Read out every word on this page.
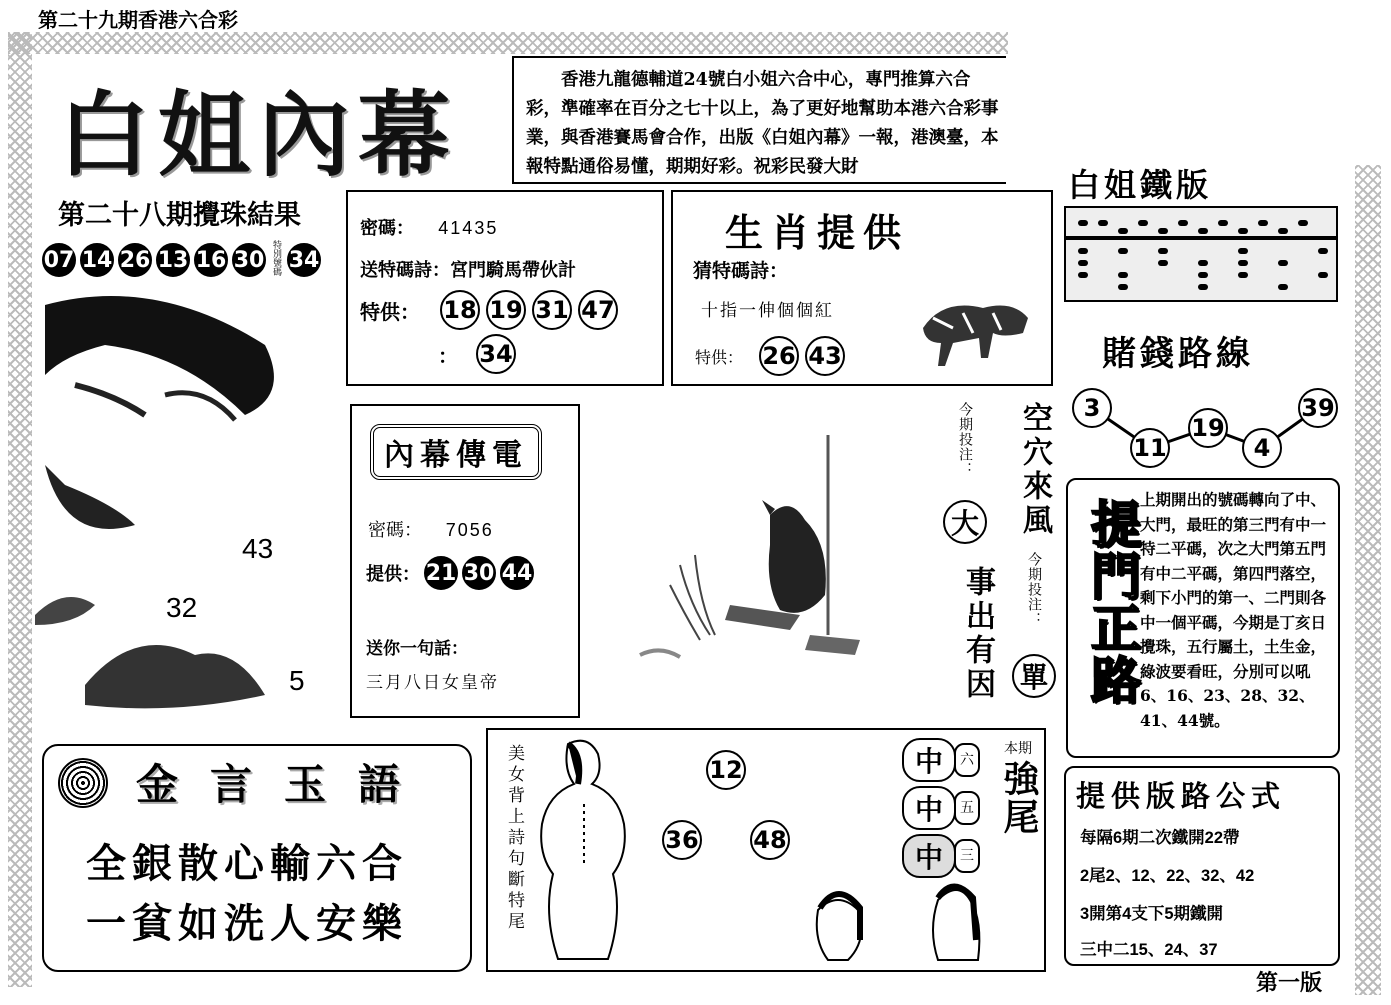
第二十九期香港六合彩
白姐內幕
香港九龍德輔道24號白小姐六合中心，專門推算六合彩，準確率在百分之七十以上，為了更好地幫助本港六合彩事業，與香港賽馬會合作，出版《白姐內幕》一報，港澳臺，本報特點通俗易懂，期期好彩。祝彩民發大財
第二十八期攪珠結果
07 14 26 13 16 30 特別號碼 34
43
32
5
密碼： 41435
送特碼詩：宮門騎馬帶伙計
特供： 18 19 31 47
： 34
生肖提供
猜特碼詩：
十指一伸個個紅
特供： 26 43
白姐鐵版
賭錢路線
3
11
19
4
39
內幕傳電
密碼： 7056
提供： 21 30 44
送你一句話：
三月八日女皇帝
今期投注：
大 空穴來風
事出有因 今期投注：
單 提門正路
上期開出的號碼轉向了中、大門，最旺的第三門有中一特二平碼，次之大門第五門有中二平碼，第四門落空，剩下小門的第一、二門則各中一個平碼，今期是丁亥日攪珠，五行屬土，土生金，綠波要看旺，分別可以吼6、16、23、28、32、41、44號。
金言玉語
全銀散心輸六合
一貧如洗人安樂	美女背上詩句斷特尾	12
36 48
中	六
中	五
中	三
本期
強尾 提供版路公式
每隔6期二次鐵開22帶
2尾2、12、22、32、42
3開第4支下5期鐵開
三中二15、24、37
第一版
